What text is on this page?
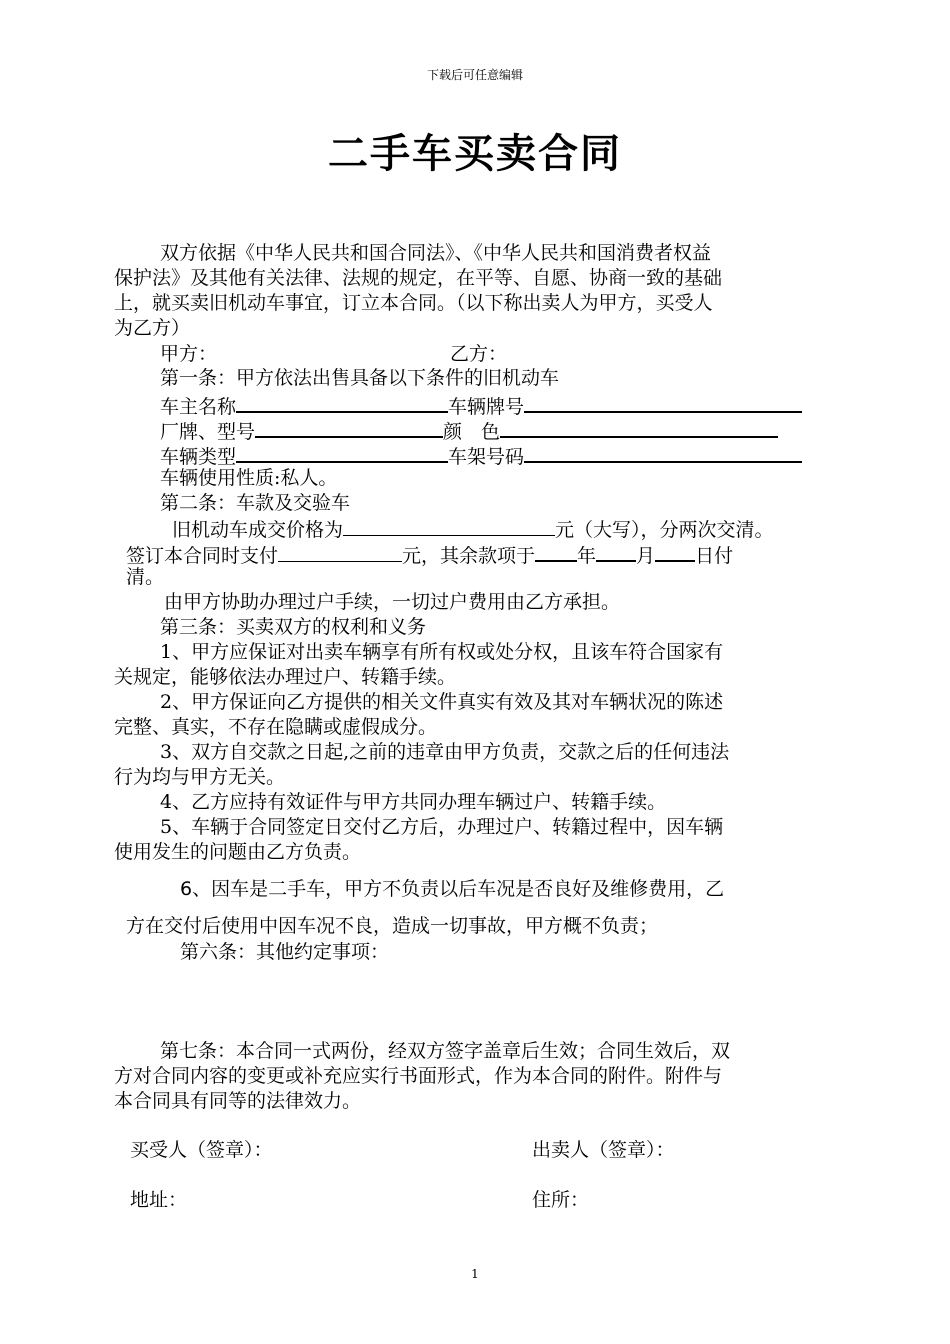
下载后可任意编辑
二手车买卖合同
双方依据《中华人民共和国合同法》、《中华人民共和国消费者权益
保护法》及其他有关法律、法规的规定，在平等、自愿、协商一致的基础
上，就买卖旧机动车事宜，订立本合同。（以下称出卖人为甲方，买受人
为乙方）
甲方：	乙方：
第一条：甲方依法出售具备以下条件的旧机动车
车主名称	车辆牌号
厂牌、型号	颜　色
车辆类型	车架号码
车辆使用性质:私人。
第二条：车款及交验车
旧机动车成交价格为	元（大写），分两次交清。
签订本合同时支付	元，其余款项于 年 月 日付
清。
由甲方协助办理过户手续，一切过户费用由乙方承担。
第三条：买卖双方的权利和义务
1、甲方应保证对出卖车辆享有所有权或处分权，且该车符合国家有
关规定，能够依法办理过户、转籍手续。
2、甲方保证向乙方提供的相关文件真实有效及其对车辆状况的陈述
完整、真实，不存在隐瞒或虚假成分。
3、双方自交款之日起,之前的违章由甲方负责，交款之后的任何违法
行为均与甲方无关。
4、乙方应持有效证件与甲方共同办理车辆过户、转籍手续。
5、车辆于合同签定日交付乙方后，办理过户、转籍过程中，因车辆
使用发生的问题由乙方负责。
6、因车是二手车，甲方不负责以后车况是否良好及维修费用，乙
方在交付后使用中因车况不良，造成一切事故，甲方概不负责；
第六条：其他约定事项：
第七条：本合同一式两份，经双方签字盖章后生效；合同生效后，双
方对合同内容的变更或补充应实行书面形式，作为本合同的附件。附件与
本合同具有同等的法律效力。
买受人（签章）：	出卖人（签章）：
地址：	住所：
1
